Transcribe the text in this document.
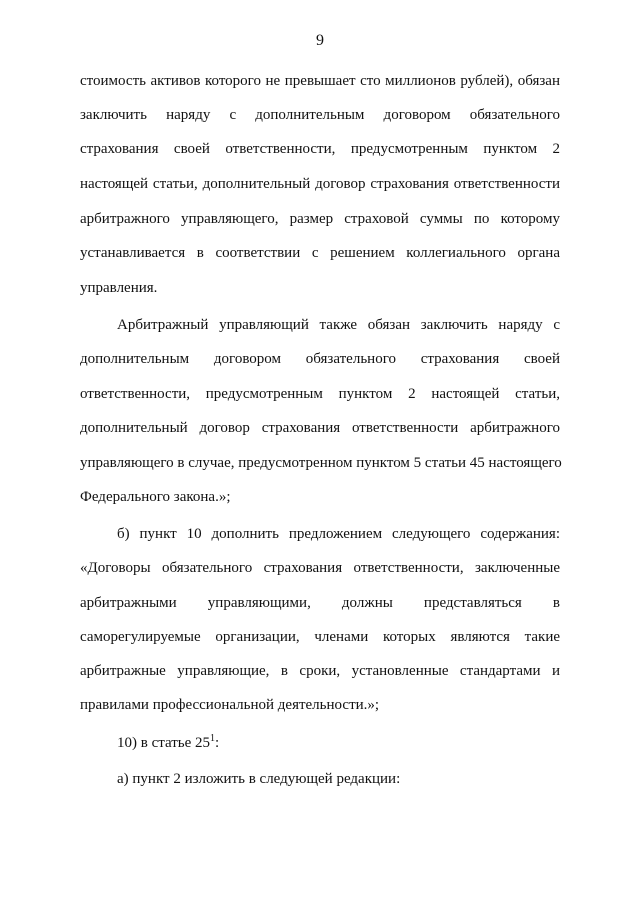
9
стоимость активов которого не превышает сто миллионов рублей), обязан
заключить наряду с дополнительным договором обязательного
страхования своей ответственности, предусмотренным пунктом 2
настоящей статьи, дополнительный договор страхования ответственности
арбитражного управляющего, размер страховой суммы по которому
устанавливается в соответствии с решением коллегиального органа
управления.
Арбитражный управляющий также обязан заключить наряду с
дополнительным договором обязательного страхования своей
ответственности, предусмотренным пунктом 2 настоящей статьи,
дополнительный договор страхования ответственности арбитражного
управляющего в случае, предусмотренном пунктом 5 статьи 45 настоящего
Федерального закона.»;
б) пункт 10 дополнить предложением следующего содержания:
«Договоры обязательного страхования ответственности, заключенные
арбитражными управляющими, должны представляться в
саморегулируемые организации, членами которых являются такие
арбитражные управляющие, в сроки, установленные стандартами и
правилами профессиональной деятельности.»;
10) в статье $25^1$:
а) пункт 2 изложить в следующей редакции:
